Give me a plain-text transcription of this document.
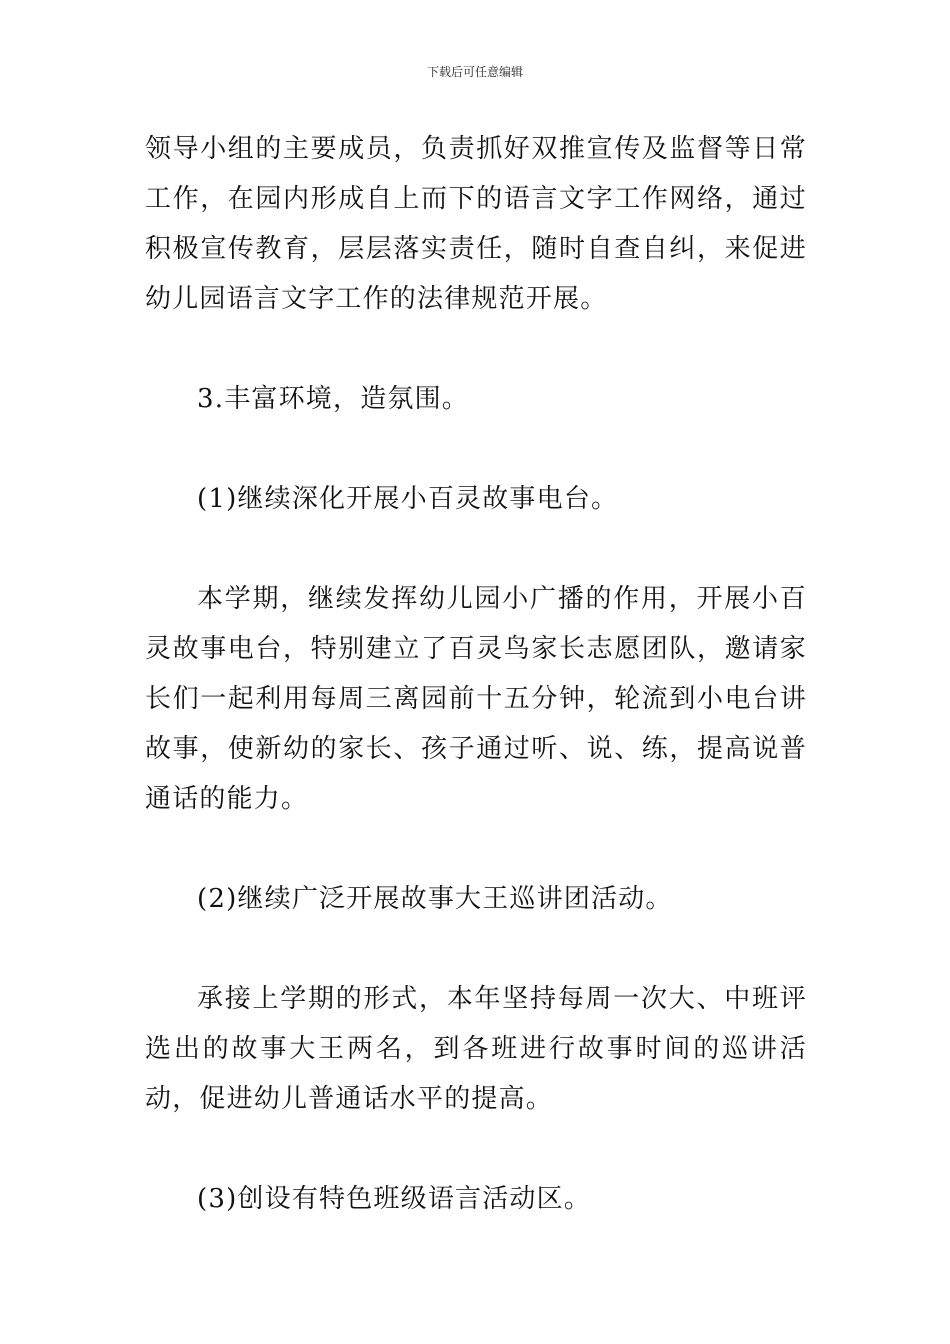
下载后可任意编辑

领导小组的主要成员，负责抓好双推宣传及监督等日常工作，在园内形成自上而下的语言文字工作网络，通过积极宣传教育，层层落实责任，随时自查自纠，来促进幼儿园语言文字工作的法律规范开展。

3.丰富环境，造氛围。

(1)继续深化开展小百灵故事电台。

本学期，继续发挥幼儿园小广播的作用，开展小百灵故事电台，特别建立了百灵鸟家长志愿团队，邀请家长们一起利用每周三离园前十五分钟，轮流到小电台讲故事，使新幼的家长、孩子通过听、说、练，提高说普通话的能力。

(2)继续广泛开展故事大王巡讲团活动。

承接上学期的形式，本年坚持每周一次大、中班评选出的故事大王两名，到各班进行故事时间的巡讲活动，促进幼儿普通话水平的提高。

(3)创设有特色班级语言活动区。
